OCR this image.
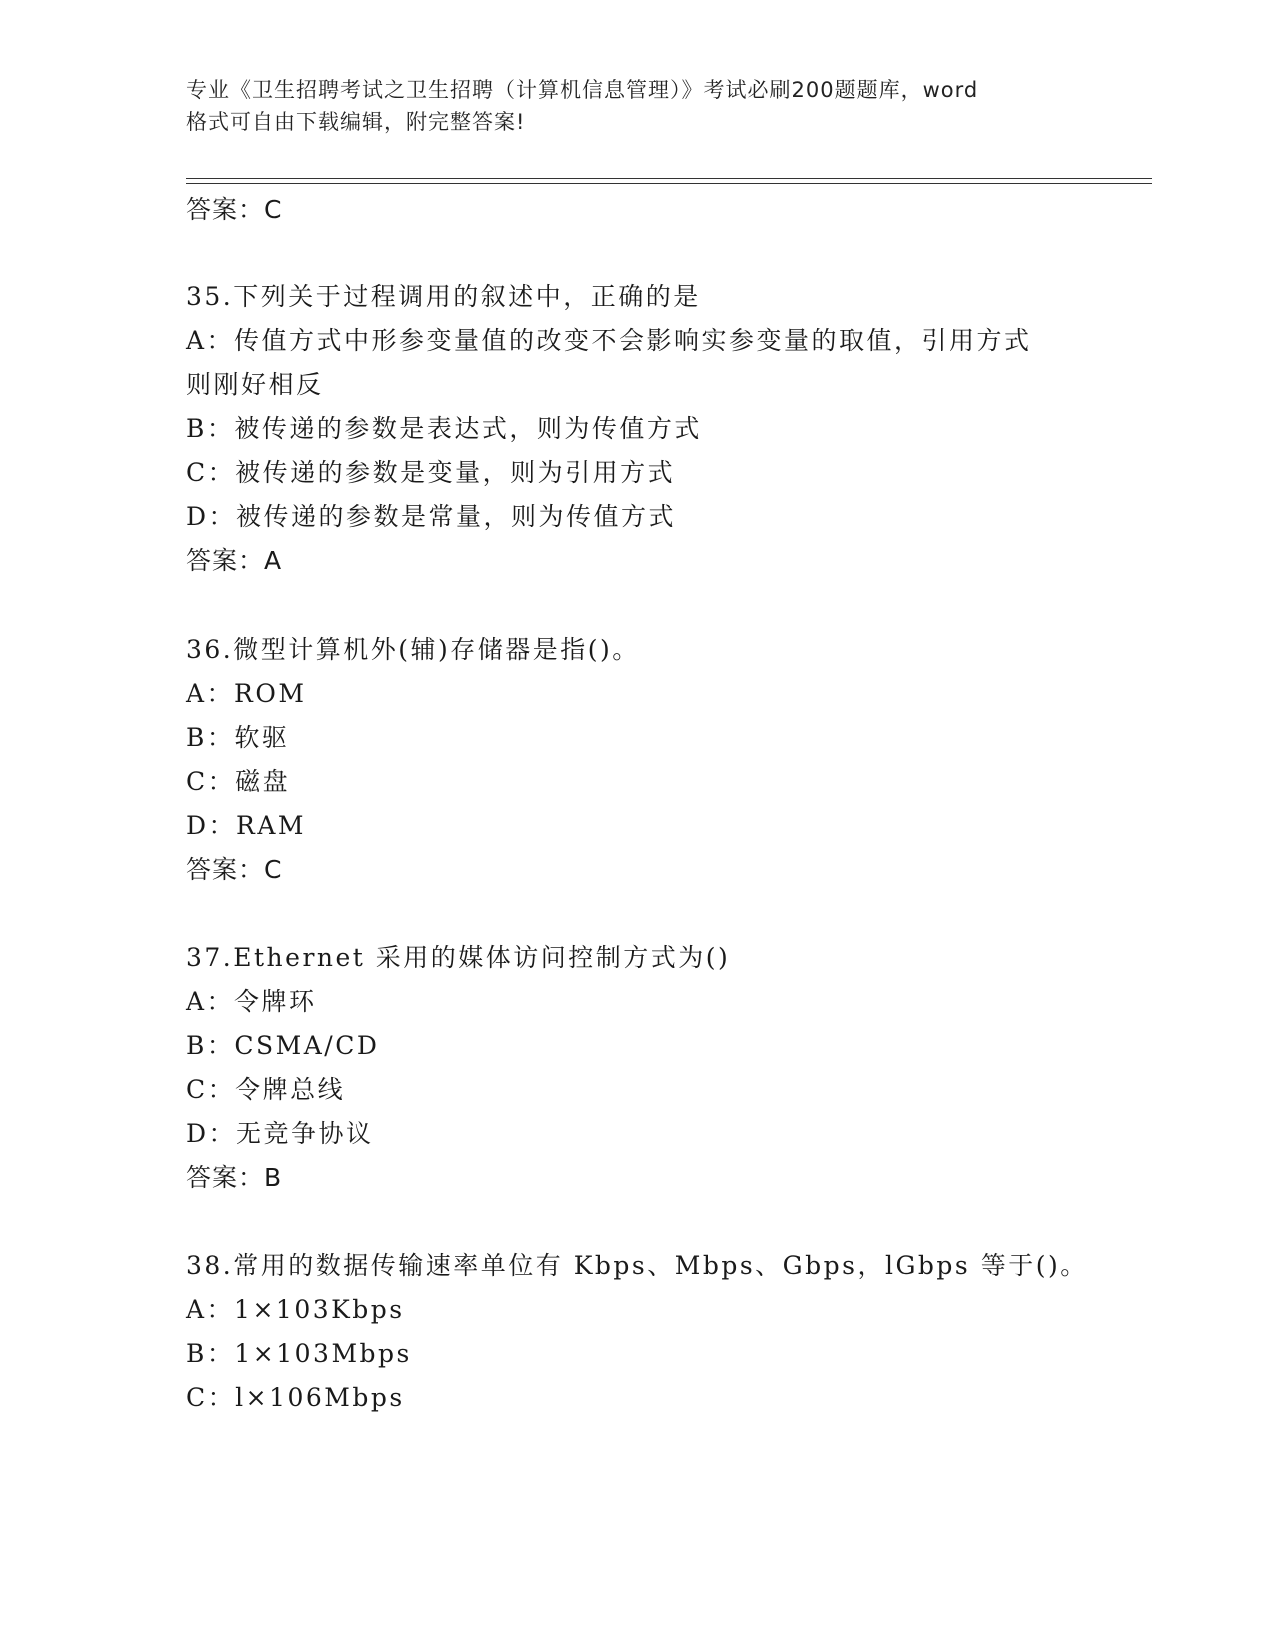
专业《卫生招聘考试之卫生招聘（计算机信息管理）》考试必刷200题题库，word
格式可自由下载编辑，附完整答案!
答案：C
35.下列关于过程调用的叙述中，正确的是
A：传值方式中形参变量值的改变不会影响实参变量的取值，引用方式
则刚好相反
B：被传递的参数是表达式，则为传值方式
C：被传递的参数是变量，则为引用方式
D：被传递的参数是常量，则为传值方式
答案：A
36.微型计算机外(辅)存储器是指()。
A：ROM
B：软驱
C：磁盘
D：RAM
答案：C
37.Ethernet 采用的媒体访问控制方式为()
A：令牌环
B：CSMA/CD
C：令牌总线
D：无竞争协议
答案：B
38.常用的数据传输速率单位有 Kbps、Mbps、Gbps，lGbps 等于()。
A：1×103Kbps
B：1×103Mbps
C：l×106Mbps
